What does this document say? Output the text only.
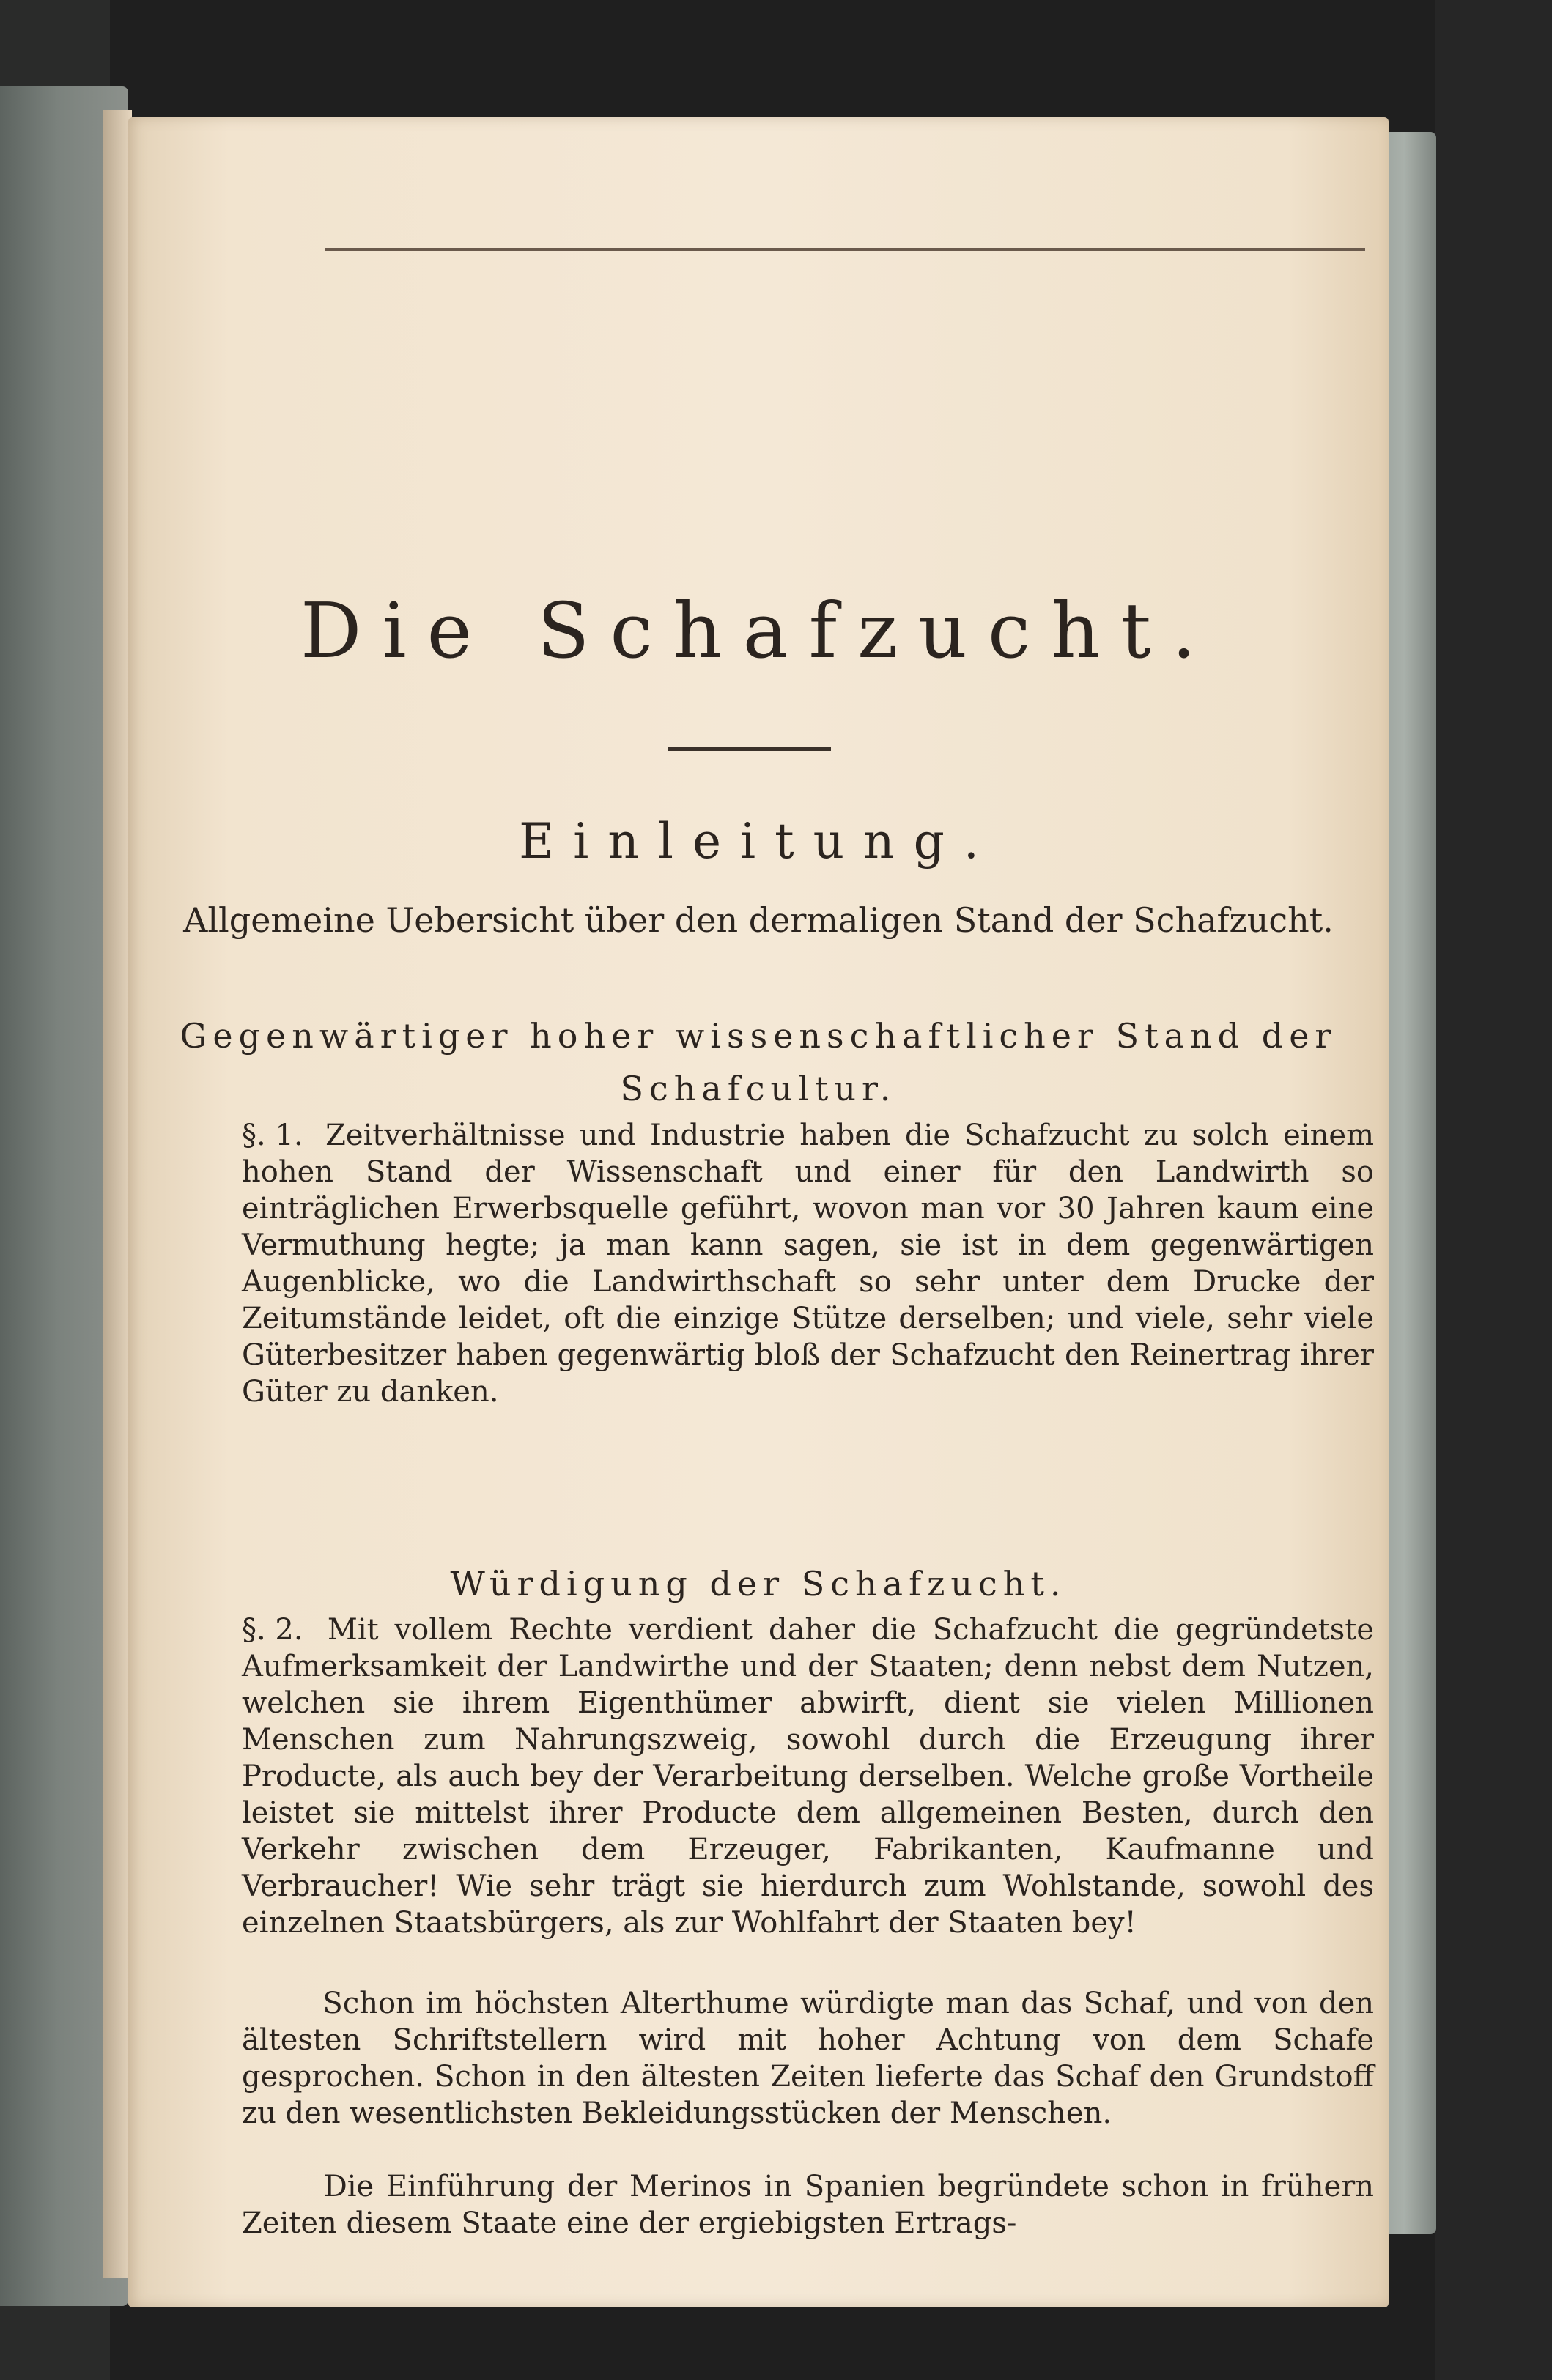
Die Schafzucht.
Einleitung.
Allgemeine Uebersicht über den dermaligen Stand der Schafzucht.
Gegenwärtiger hoher wissenschaftlicher Stand der Schafcultur.
§. 1. Zeitverhältnisse und Industrie haben die Schafzucht zu solch einem hohen Stand der Wissenschaft und einer für den Landwirth so einträglichen Erwerbsquelle geführt, wovon man vor 30 Jahren kaum eine Vermuthung hegte; ja man kann sagen, sie ist in dem gegenwärtigen Augenblicke, wo die Landwirthschaft so sehr unter dem Drucke der Zeitumstände leidet, oft die einzige Stütze derselben; und viele, sehr viele Güterbesitzer haben gegenwärtig bloß der Schafzucht den Reinertrag ihrer Güter zu danken.
Würdigung der Schafzucht.
§. 2. Mit vollem Rechte verdient daher die Schafzucht die gegründetste Aufmerksamkeit der Landwirthe und der Staaten; denn nebst dem Nutzen, welchen sie ihrem Eigenthümer abwirft, dient sie vielen Millionen Menschen zum Nahrungszweig, sowohl durch die Erzeugung ihrer Producte, als auch bey der Verarbeitung derselben. Welche große Vortheile leistet sie mittelst ihrer Producte dem allgemeinen Besten, durch den Verkehr zwischen dem Erzeuger, Fabrikanten, Kaufmanne und Verbraucher! Wie sehr trägt sie hierdurch zum Wohlstande, sowohl des einzelnen Staatsbürgers, als zur Wohlfahrt der Staaten bey!
Schon im höchsten Alterthume würdigte man das Schaf, und von den ältesten Schriftstellern wird mit hoher Achtung von dem Schafe gesprochen. Schon in den ältesten Zeiten lieferte das Schaf den Grundstoff zu den wesentlichsten Bekleidungsstücken der Menschen.
Die Einführung der Merinos in Spanien begründete schon in frühern Zeiten diesem Staate eine der ergiebigsten Ertrags-
